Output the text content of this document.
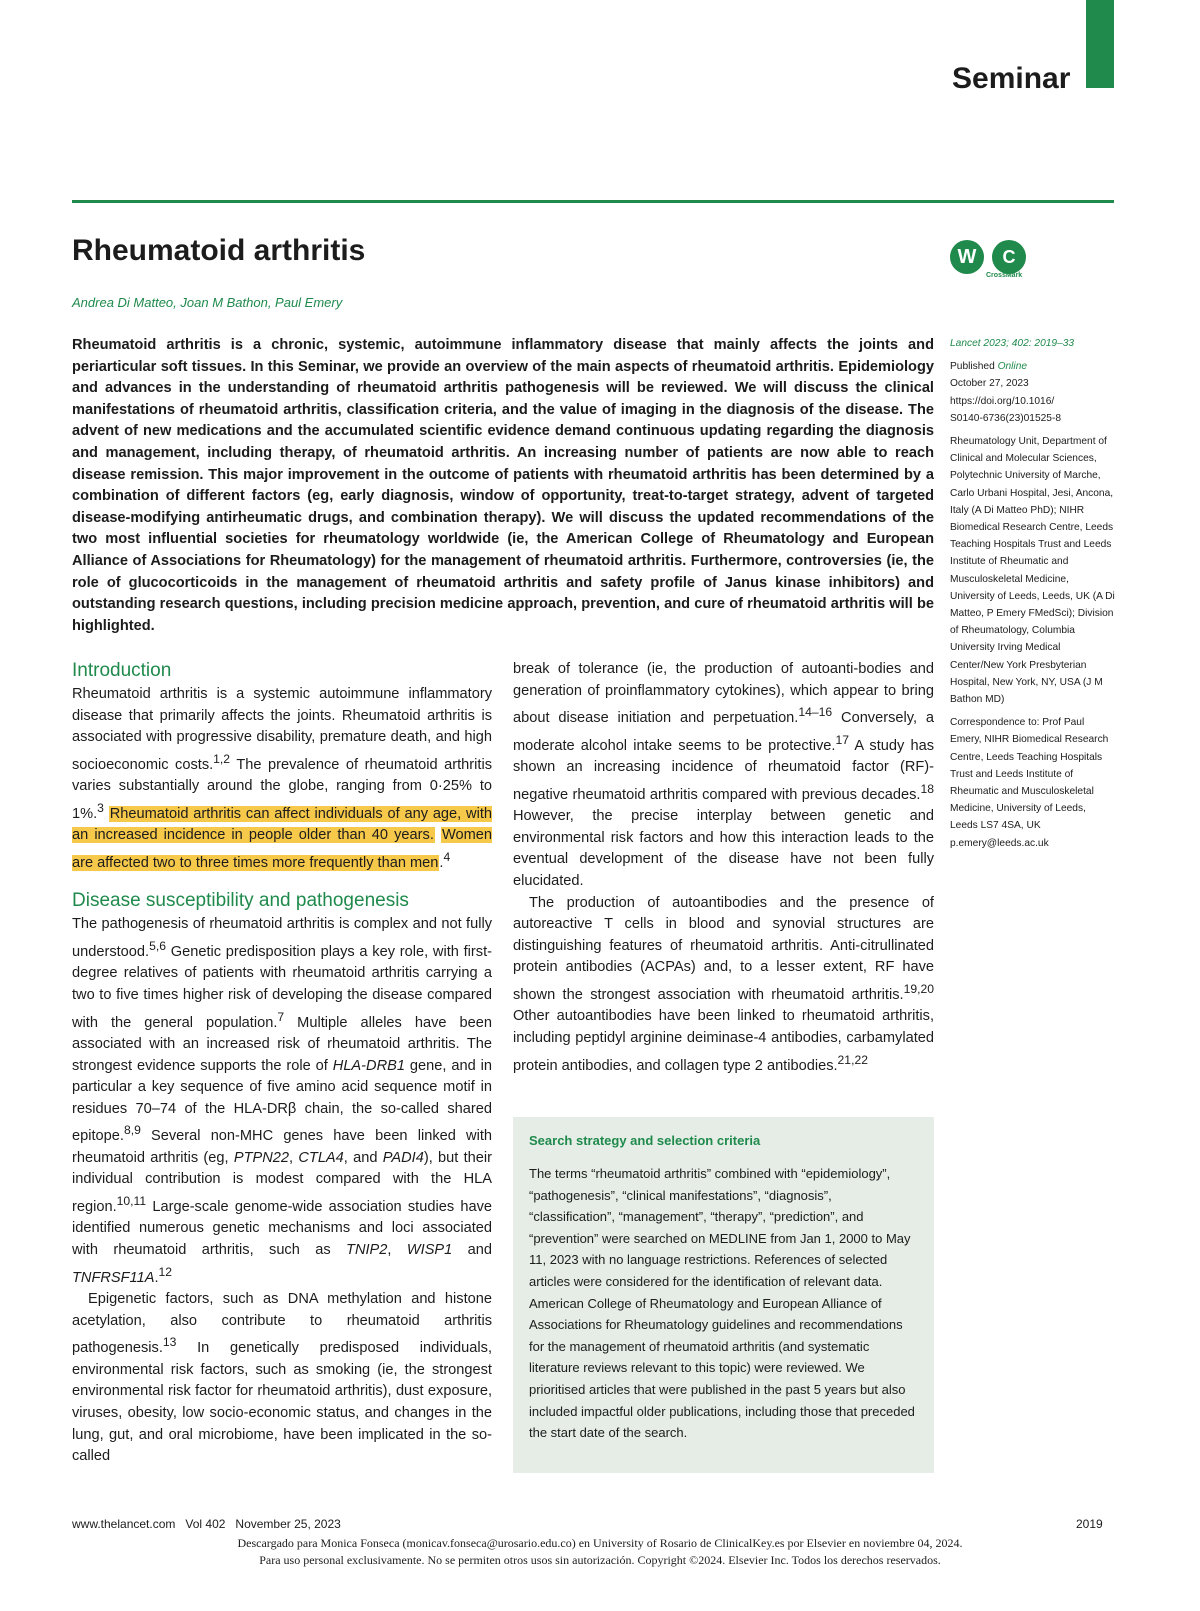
Seminar
Rheumatoid arthritis
Andrea Di Matteo, Joan M Bathon, Paul Emery
W	C
CrossMark

Rheumatoid arthritis is a chronic, systemic, autoimmune inflammatory disease that mainly affects the joints and periarticular soft tissues. In this Seminar, we provide an overview of the main aspects of rheumatoid arthritis. Epidemiology and advances in the understanding of rheumatoid arthritis pathogenesis will be reviewed. We will discuss the clinical manifestations of rheumatoid arthritis, classification criteria, and the value of imaging in the diagnosis of the disease. The advent of new medications and the accumulated scientific evidence demand continuous updating regarding the diagnosis and management, including therapy, of rheumatoid arthritis. An increasing number of patients are now able to reach disease remission. This major improvement in the outcome of patients with rheumatoid arthritis has been determined by a combination of different factors (eg, early diagnosis, window of opportunity, treat-to-target strategy, advent of targeted disease-modifying antirheumatic drugs, and combination therapy). We will discuss the updated recommendations of the two most influential societies for rheumatology worldwide (ie, the American College of Rheumatology and European Alliance of Associations for Rheumatology) for the management of rheumatoid arthritis. Furthermore, controversies (ie, the role of glucocorticoids in the management of rheumatoid arthritis and safety profile of Janus kinase inhibitors) and outstanding research questions, including precision medicine approach, prevention, and cure of rheumatoid arthritis will be highlighted.

Introduction

Rheumatoid arthritis is a systemic autoimmune inflammatory disease that primarily affects the joints. Rheumatoid arthritis is associated with progressive disability, premature death, and high socioeconomic costs.$^{1,2}$ The prevalence of rheumatoid arthritis varies substantially around the globe, ranging from 0·25% to 1%.$^3$ Rheumatoid arthritis can affect individuals of any age, with an increased incidence in people older than 40 years. Women are affected two to three times more frequently than men.$^4$

Disease susceptibility and pathogenesis

The pathogenesis of rheumatoid arthritis is complex and not fully understood.$^{5,6}$ Genetic predisposition plays a key role, with first-degree relatives of patients with rheumatoid arthritis carrying a two to five times higher risk of developing the disease compared with the general population.$^7$ Multiple alleles have been associated with an increased risk of rheumatoid arthritis. The strongest evidence supports the role of HLA-DRB1 gene, and in particular a key sequence of five amino acid sequence motif in residues 70–74 of the HLA-DRβ chain, the so-called shared epitope.$^{8,9}$ Several non-MHC genes have been linked with rheumatoid arthritis (eg, PTPN22, CTLA4, and PADI4), but their individual contribution is modest compared with the HLA region.$^{10,11}$ Large-scale genome-wide association studies have identified numerous genetic mechanisms and loci associated with rheumatoid arthritis, such as TNIP2, WISP1 and TNFRSF11A.$^{12}$

Epigenetic factors, such as DNA methylation and histone acetylation, also contribute to rheumatoid arthritis pathogenesis.$^{13}$ In genetically predisposed individuals, environmental risk factors, such as smoking (ie, the strongest environmental risk factor for rheumatoid arthritis), dust exposure, viruses, obesity, low socio-economic status, and changes in the lung, gut, and oral microbiome, have been implicated in the so-called

break of tolerance (ie, the production of autoanti-bodies and generation of proinflammatory cytokines), which appear to bring about disease initiation and perpetuation.$^{14-16}$ Conversely, a moderate alcohol intake seems to be protective.$^{17}$ A study has shown an increasing incidence of rheumatoid factor (RF)-negative rheumatoid arthritis compared with previous decades.$^{18}$ However, the precise interplay between genetic and environmental risk factors and how this interaction leads to the eventual development of the disease have not been fully elucidated.

The production of autoantibodies and the presence of autoreactive T cells in blood and synovial structures are distinguishing features of rheumatoid arthritis. Anti-citrullinated protein antibodies (ACPAs) and, to a lesser extent, RF have shown the strongest association with rheumatoid arthritis.$^{19,20}$ Other autoantibodies have been linked to rheumatoid arthritis, including peptidyl arginine deiminase-4 antibodies, carbamylated protein antibodies, and collagen type 2 antibodies.$^{21,22}$

Search strategy and selection criteria

The terms “rheumatoid arthritis” combined with “epidemiology”, “pathogenesis”, “clinical manifestations”, “diagnosis”, “classification”, “management”, “therapy”, “prediction”, and “prevention” were searched on MEDLINE from Jan 1, 2000 to May 11, 2023 with no language restrictions. References of selected articles were considered for the identification of relevant data. American College of Rheumatology and European Alliance of Associations for Rheumatology guidelines and recommendations for the management of rheumatoid arthritis (and systematic literature reviews relevant to this topic) were reviewed. We prioritised articles that were published in the past 5 years but also included impactful older publications, including those that preceded the start date of the search.

Lancet 2023; 402: 2019–33
Published Online
October 27, 2023
https://doi.org/10.1016/
S0140-6736(23)01525-8
Rheumatology Unit, Department of Clinical and Molecular Sciences, Polytechnic University of Marche, Carlo Urbani Hospital, Jesi, Ancona, Italy (A Di Matteo PhD); NIHR Biomedical Research Centre, Leeds Teaching Hospitals Trust and Leeds Institute of Rheumatic and Musculoskeletal Medicine, University of Leeds, Leeds, UK (A Di Matteo, P Emery FMedSci); Division of Rheumatology, Columbia University Irving Medical Center/New York Presbyterian Hospital, New York, NY, USA (J M Bathon MD)
Correspondence to: Prof Paul Emery, NIHR Biomedical Research Centre, Leeds Teaching Hospitals Trust and Leeds Institute of Rheumatic and Musculoskeletal Medicine, University of Leeds, Leeds LS7 4SA, UK p.emery@leeds.ac.uk
www.thelancet.com   Vol 402   November 25, 2023	2019
Descargado para Monica Fonseca (monicav.fonseca@urosario.edu.co) en University of Rosario de ClinicalKey.es por Elsevier en noviembre 04, 2024.
Para uso personal exclusivamente. No se permiten otros usos sin autorización. Copyright ©2024. Elsevier Inc. Todos los derechos reservados.
